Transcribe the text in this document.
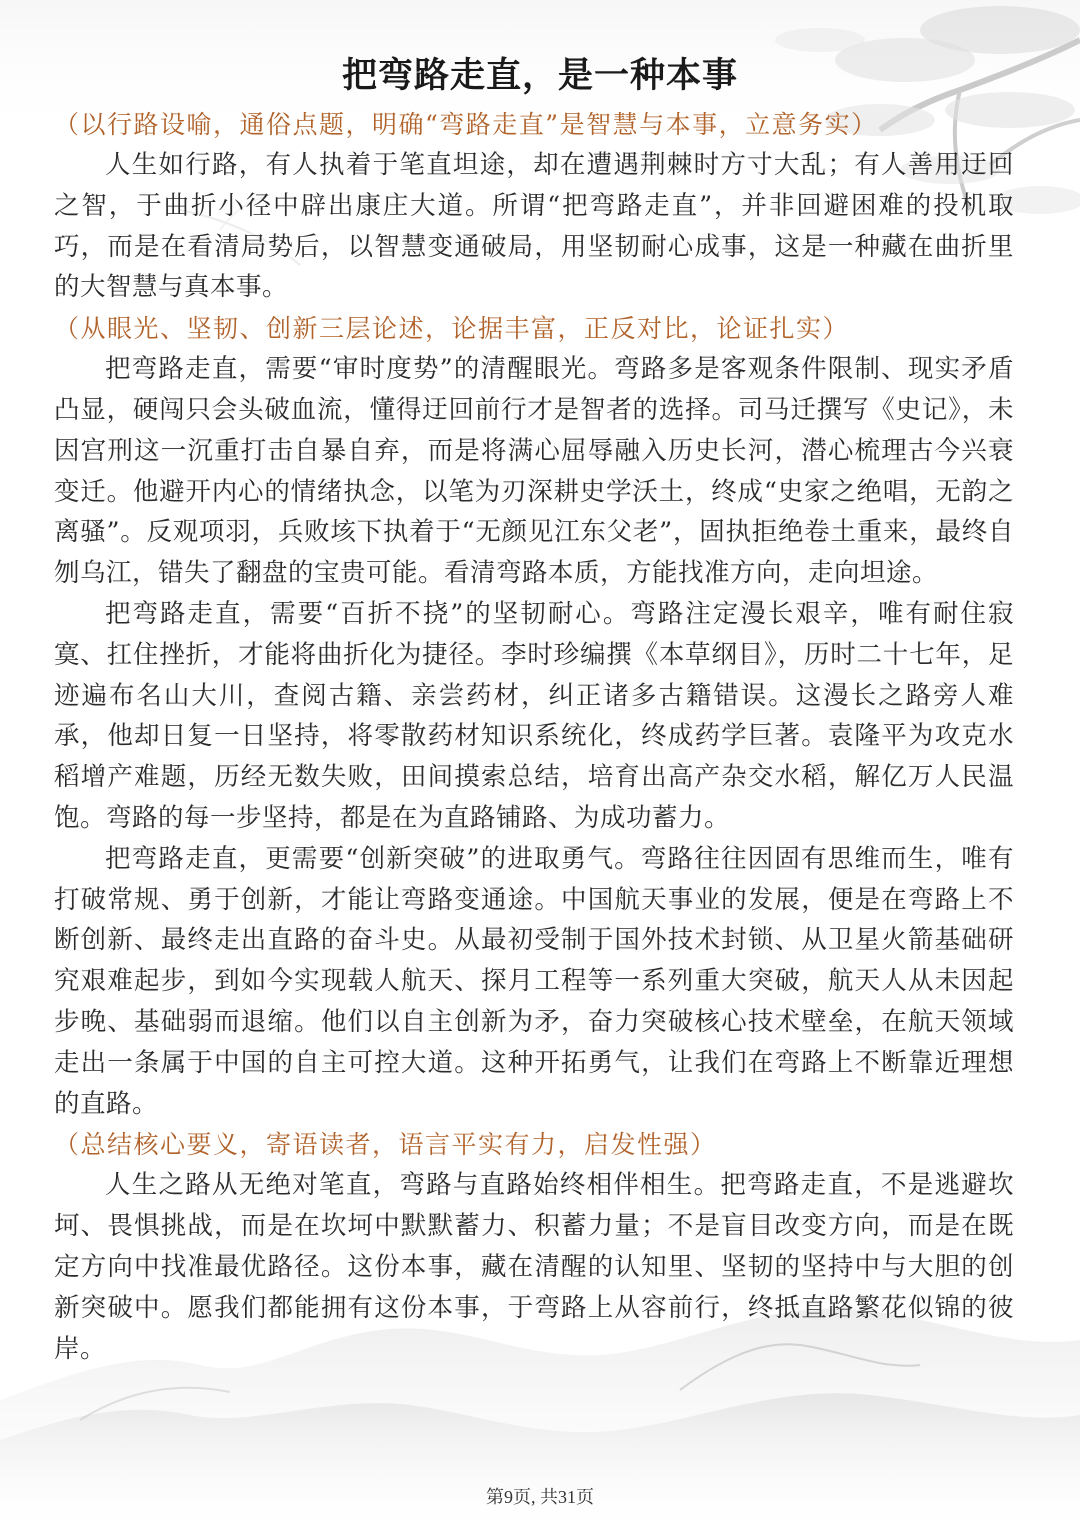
把弯路走直，是一种本事

（以行路设喻，通俗点题，明确“弯路走直”是智慧与本事，立意务实）

人生如行路，有人执着于笔直坦途，却在遭遇荆棘时方寸大乱；有人善用迂回之智，于曲折小径中辟出康庄大道。所谓“把弯路走直”，并非回避困难的投机取巧，而是在看清局势后，以智慧变通破局，用坚韧耐心成事，这是一种藏在曲折里的大智慧与真本事。

（从眼光、坚韧、创新三层论述，论据丰富，正反对比，论证扎实）

把弯路走直，需要“审时度势”的清醒眼光。弯路多是客观条件限制、现实矛盾凸显，硬闯只会头破血流，懂得迂回前行才是智者的选择。司马迁撰写《史记》，未因宫刑这一沉重打击自暴自弃，而是将满心屈辱融入历史长河，潜心梳理古今兴衰变迁。他避开内心的情绪执念，以笔为刃深耕史学沃土，终成“史家之绝唱，无韵之离骚”。反观项羽，兵败垓下执着于“无颜见江东父老”，固执拒绝卷土重来，最终自刎乌江，错失了翻盘的宝贵可能。看清弯路本质，方能找准方向，走向坦途。

把弯路走直，需要“百折不挠”的坚韧耐心。弯路注定漫长艰辛，唯有耐住寂寞、扛住挫折，才能将曲折化为捷径。李时珍编撰《本草纲目》，历时二十七年，足迹遍布名山大川，查阅古籍、亲尝药材，纠正诸多古籍错误。这漫长之路旁人难承，他却日复一日坚持，将零散药材知识系统化，终成药学巨著。袁隆平为攻克水稻增产难题，历经无数失败，田间摸索总结，培育出高产杂交水稻，解亿万人民温饱。弯路的每一步坚持，都是在为直路铺路、为成功蓄力。

把弯路走直，更需要“创新突破”的进取勇气。弯路往往因固有思维而生，唯有打破常规、勇于创新，才能让弯路变通途。中国航天事业的发展，便是在弯路上不断创新、最终走出直路的奋斗史。从最初受制于国外技术封锁、从卫星火箭基础研究艰难起步，到如今实现载人航天、探月工程等一系列重大突破，航天人从未因起步晚、基础弱而退缩。他们以自主创新为矛，奋力突破核心技术壁垒，在航天领域走出一条属于中国的自主可控大道。这种开拓勇气，让我们在弯路上不断靠近理想的直路。

（总结核心要义，寄语读者，语言平实有力，启发性强）

人生之路从无绝对笔直，弯路与直路始终相伴相生。把弯路走直，不是逃避坎坷、畏惧挑战，而是在坎坷中默默蓄力、积蓄力量；不是盲目改变方向，而是在既定方向中找准最优路径。这份本事，藏在清醒的认知里、坚韧的坚持中与大胆的创新突破中。愿我们都能拥有这份本事，于弯路上从容前行，终抵直路繁花似锦的彼岸。

第9页, 共31页
